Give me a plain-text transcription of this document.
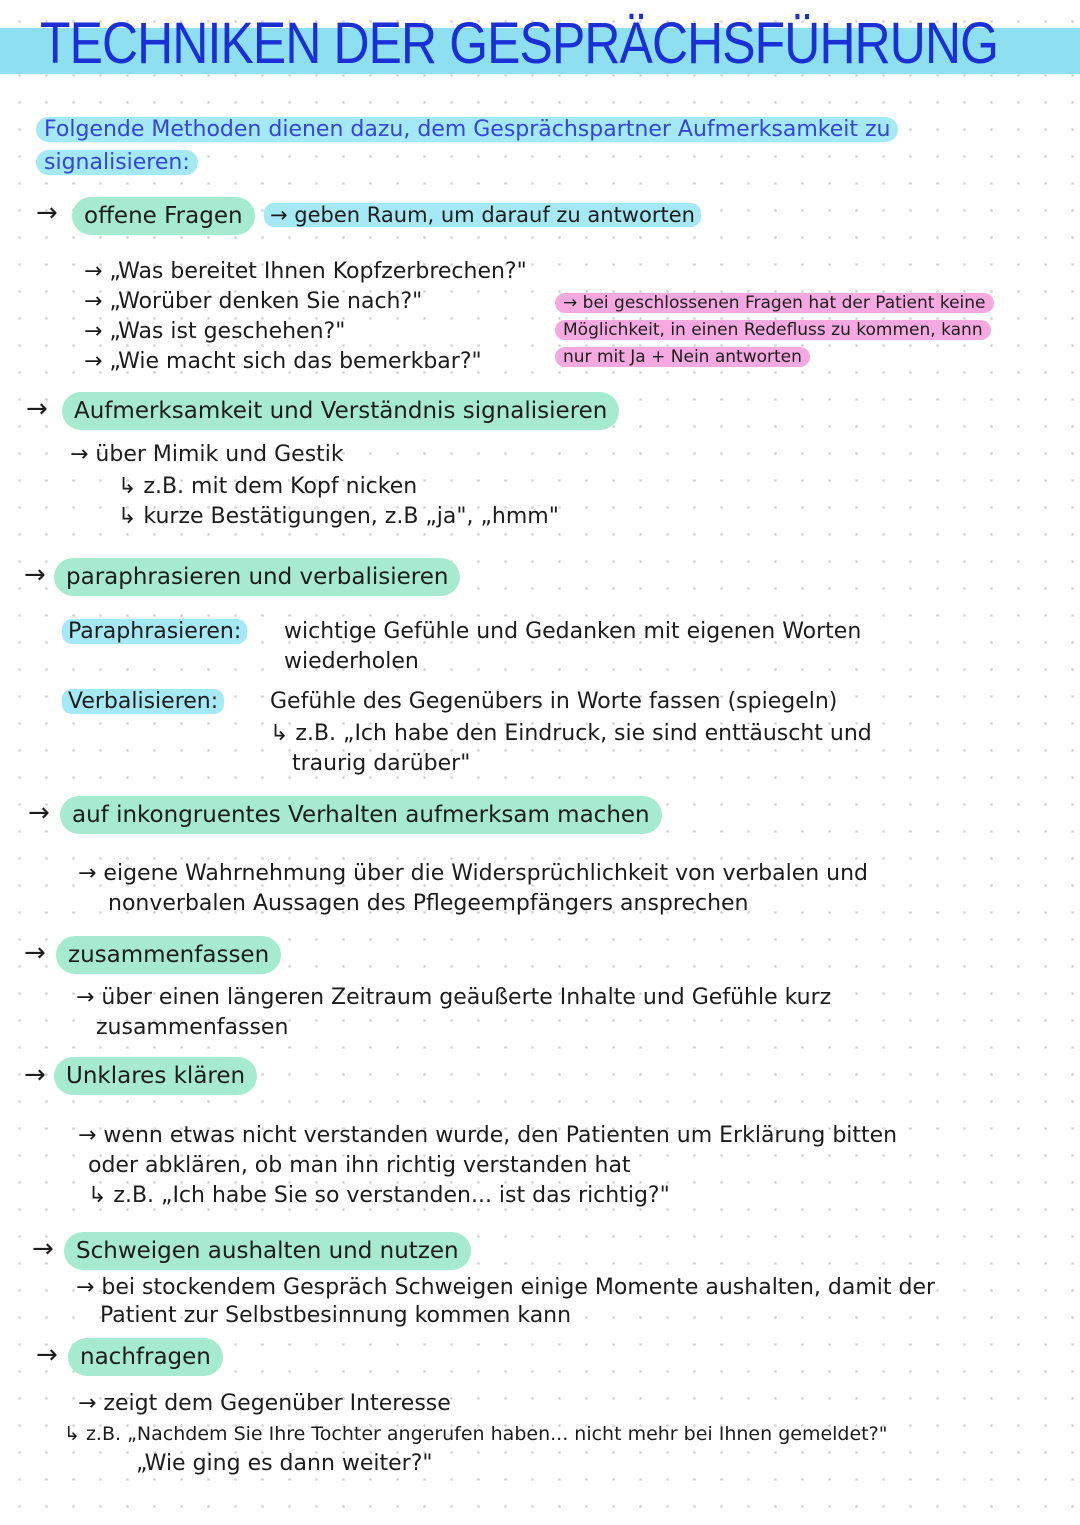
TECHNIKEN DER GESPRÄCHSFÜHRUNG
Folgende Methoden dienen dazu, dem Gesprächspartner Aufmerksamkeit zu signalisieren:
→	offene Fragen	→ geben Raum, um darauf zu antworten
→ „Was bereitet Ihnen Kopfzerbrechen?"
→ „Worüber denken Sie nach?"
→ „Was ist geschehen?"
→ „Wie macht sich das bemerkbar?"
→ bei geschlossenen Fragen hat der Patient keine Möglichkeit, in einen Redefluss zu kommen, kann nur mit Ja + Nein antworten
→	Aufmerksamkeit und Verständnis signalisieren
→ über Mimik und Gestik
↳ z.B. mit dem Kopf nicken
↳ kurze Bestätigungen, z.B „ja", „hmm"
→ paraphrasieren und verbalisieren
Paraphrasieren: wichtige Gefühle und Gedanken mit eigenen Worten
wiederholen
Verbalisieren: Gefühle des Gegenübers in Worte fassen (spiegeln)
↳ z.B. „Ich habe den Eindruck, sie sind enttäuscht und
traurig darüber"
→ auf inkongruentes Verhalten aufmerksam machen
→ eigene Wahrnehmung über die Widersprüchlichkeit von verbalen und
nonverbalen Aussagen des Pflegeempfängers ansprechen
→ zusammenfassen
→ über einen längeren Zeitraum geäußerte Inhalte und Gefühle kurz
zusammenfassen
→ Unklares klären
→ wenn etwas nicht verstanden wurde, den Patienten um Erklärung bitten
oder abklären, ob man ihn richtig verstanden hat
↳ z.B. „Ich habe Sie so verstanden... ist das richtig?"
→ Schweigen aushalten und nutzen
→ bei stockendem Gespräch Schweigen einige Momente aushalten, damit der
Patient zur Selbstbesinnung kommen kann
→ nachfragen
→ zeigt dem Gegenüber Interesse
↳ z.B. „Nachdem Sie Ihre Tochter angerufen haben... nicht mehr bei Ihnen gemeldet?"
„Wie ging es dann weiter?"
